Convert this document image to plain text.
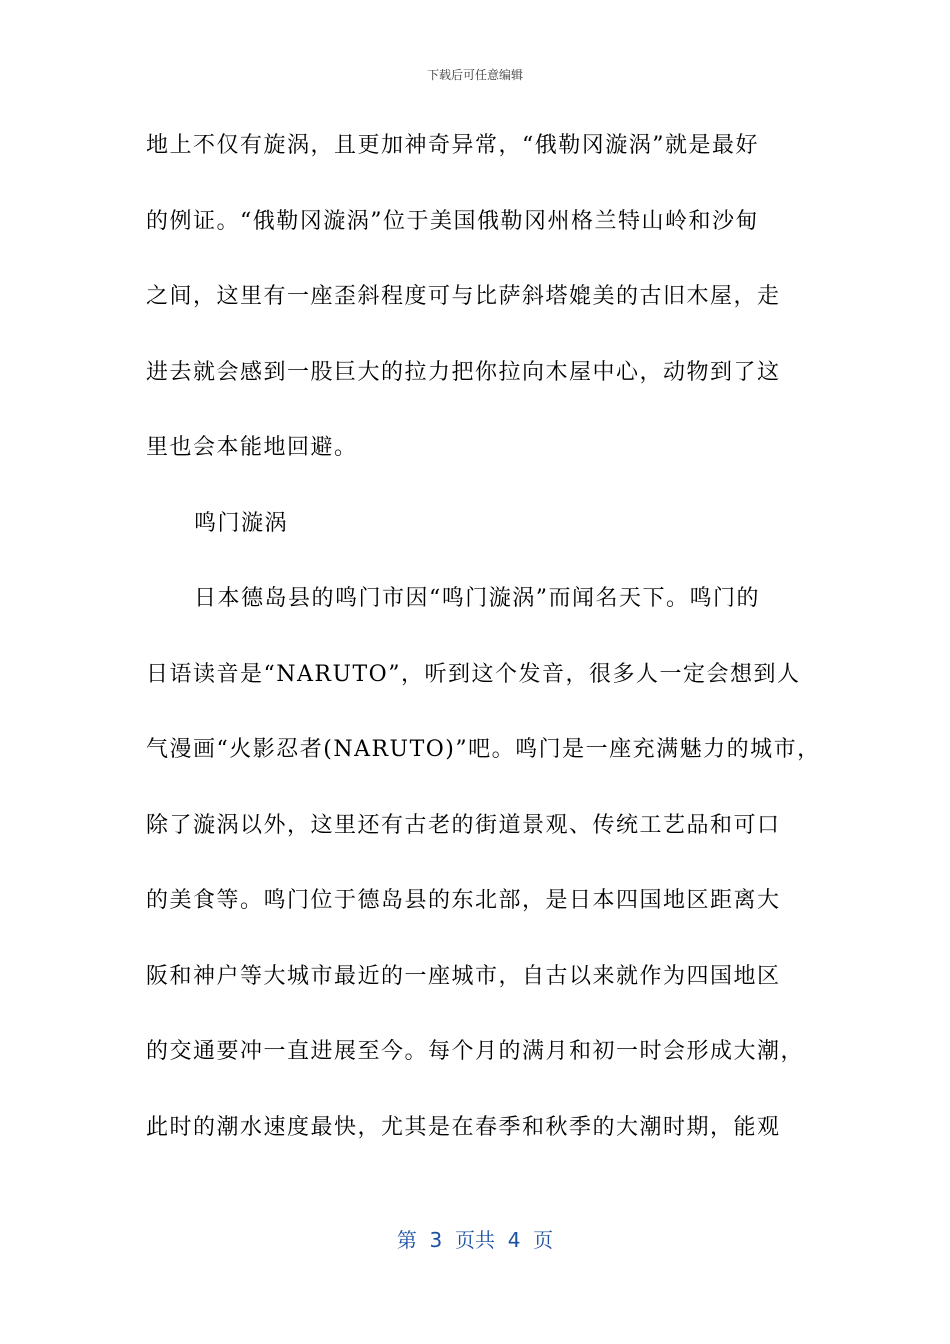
下载后可任意编辑
地上不仅有旋涡，且更加神奇异常，“俄勒冈漩涡”就是最好
的例证。“俄勒冈漩涡”位于美国俄勒冈州格兰特山岭和沙甸
之间，这里有一座歪斜程度可与比萨斜塔媲美的古旧木屋，走
进去就会感到一股巨大的拉力把你拉向木屋中心，动物到了这
里也会本能地回避。
鸣门漩涡
日本德岛县的鸣门市因“鸣门漩涡”而闻名天下。鸣门的
日语读音是“NARUTO”，听到这个发音，很多人一定会想到人
气漫画“火影忍者(NARUTO)”吧。鸣门是一座充满魅力的城市，
除了漩涡以外，这里还有古老的街道景观、传统工艺品和可口
的美食等。鸣门位于德岛县的东北部，是日本四国地区距离大
阪和神户等大城市最近的一座城市，自古以来就作为四国地区
的交通要冲一直进展至今。每个月的满月和初一时会形成大潮，
此时的潮水速度最快，尤其是在春季和秋季的大潮时期，能观
第  3  页共  4  页
